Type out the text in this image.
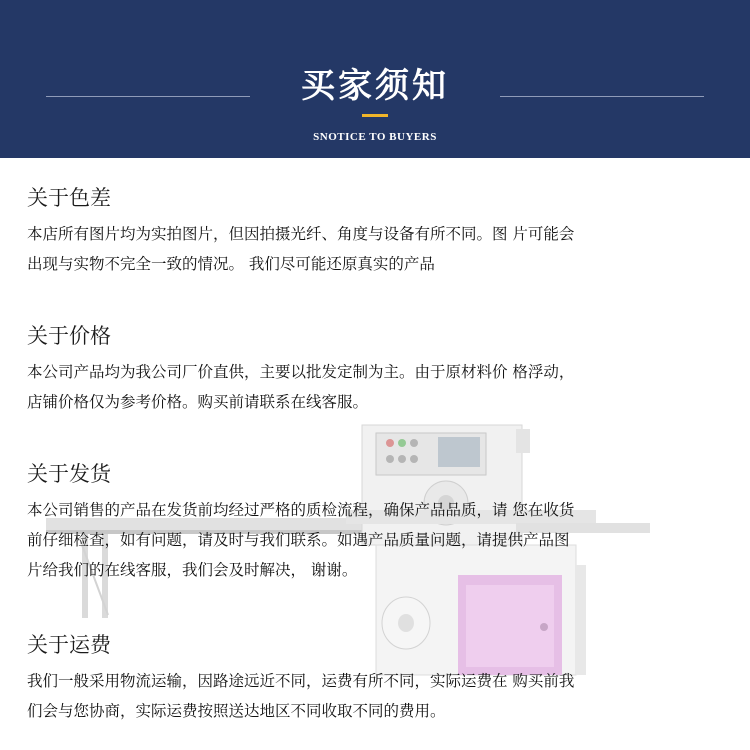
买家须知
SNOTICE TO BUYERS

关于色差

本店所有图片均为实拍图片，但因拍摄光纤、角度与设备有所不同。图 片可能会
出现与实物不完全一致的情况。 我们尽可能还原真实的产品

关于价格

本公司产品均为我公司厂价直供，主要以批发定制为主。由于原材料价 格浮动，
店铺价格仅为参考价格。购买前请联系在线客服。

关于发货

本公司销售的产品在发货前均经过严格的质检流程，确保产品品质，请 您在收货
前仔细检查，如有问题，请及时与我们联系。如遇产品质量问题，请提供产品图
片给我们的在线客服，我们会及时解决， 谢谢。

关于运费

我们一般采用物流运输，因路途远近不同，运费有所不同，实际运费在 购买前我
们会与您协商，实际运费按照送达地区不同收取不同的费用。
